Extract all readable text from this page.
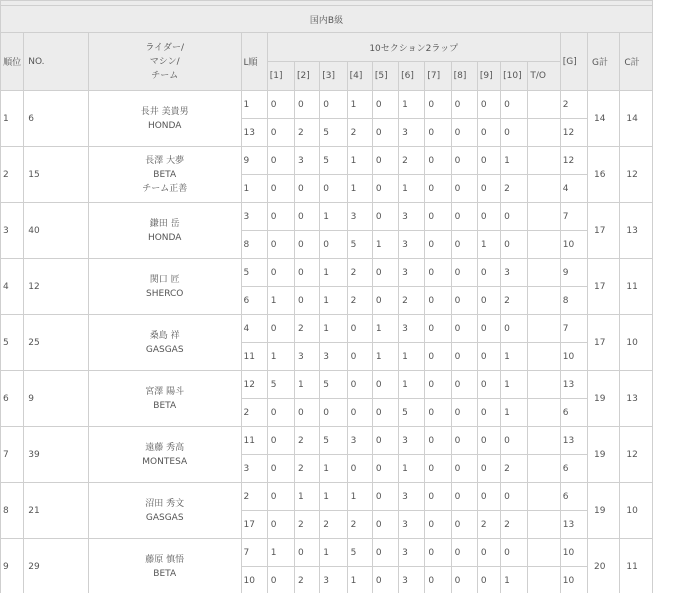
国内B級																	
順位	NO.	ライダー/
マシン/
チーム	L順	10セクション2ラップ											[G]	G計	C計
				[1]	[2]	[3]	[4]	[5]	[6]	[7]	[8]	[9]	[10]	T/O			
1	6	長井 美貴男
HONDA	1	0	0	0	1	0	1	0	0	0	0		2	14	14
			13	0	2	5	2	0	3	0	0	0	0		12		
2	15	長澤 大夢
BETA
チーム正善	9	0	3	5	1	0	2	0	0	0	1		12	16	12
			1	0	0	0	1	0	1	0	0	0	2		4		
3	40	鎌田 岳
HONDA	3	0	0	1	3	0	3	0	0	0	0		7	17	13
			8	0	0	0	5	1	3	0	0	1	0		10		
4	12	関口 匠
SHERCO	5	0	0	1	2	0	3	0	0	0	3		9	17	11
			6	1	0	1	2	0	2	0	0	0	2		8		
5	25	桑島 祥
GASGAS	4	0	2	1	0	1	3	0	0	0	0		7	17	10
			11	1	3	3	0	1	1	0	0	0	1		10		
6	9	宮澤 陽斗
BETA	12	5	1	5	0	0	1	0	0	0	1		13	19	13
			2	0	0	0	0	0	5	0	0	0	1		6		
7	39	遠藤 秀高
MONTESA	11	0	2	5	3	0	3	0	0	0	0		13	19	12
			3	0	2	1	0	0	1	0	0	0	2		6		
8	21	沼田 秀文
GASGAS	2	0	1	1	1	0	3	0	0	0	0		6	19	10
			17	0	2	2	2	0	3	0	0	2	2		13		
9	29	藤原 慎悟
BETA	7	1	0	1	5	0	3	0	0	0	0		10	20	11
			10	0	2	3	1	0	3	0	0	0	1		10		
